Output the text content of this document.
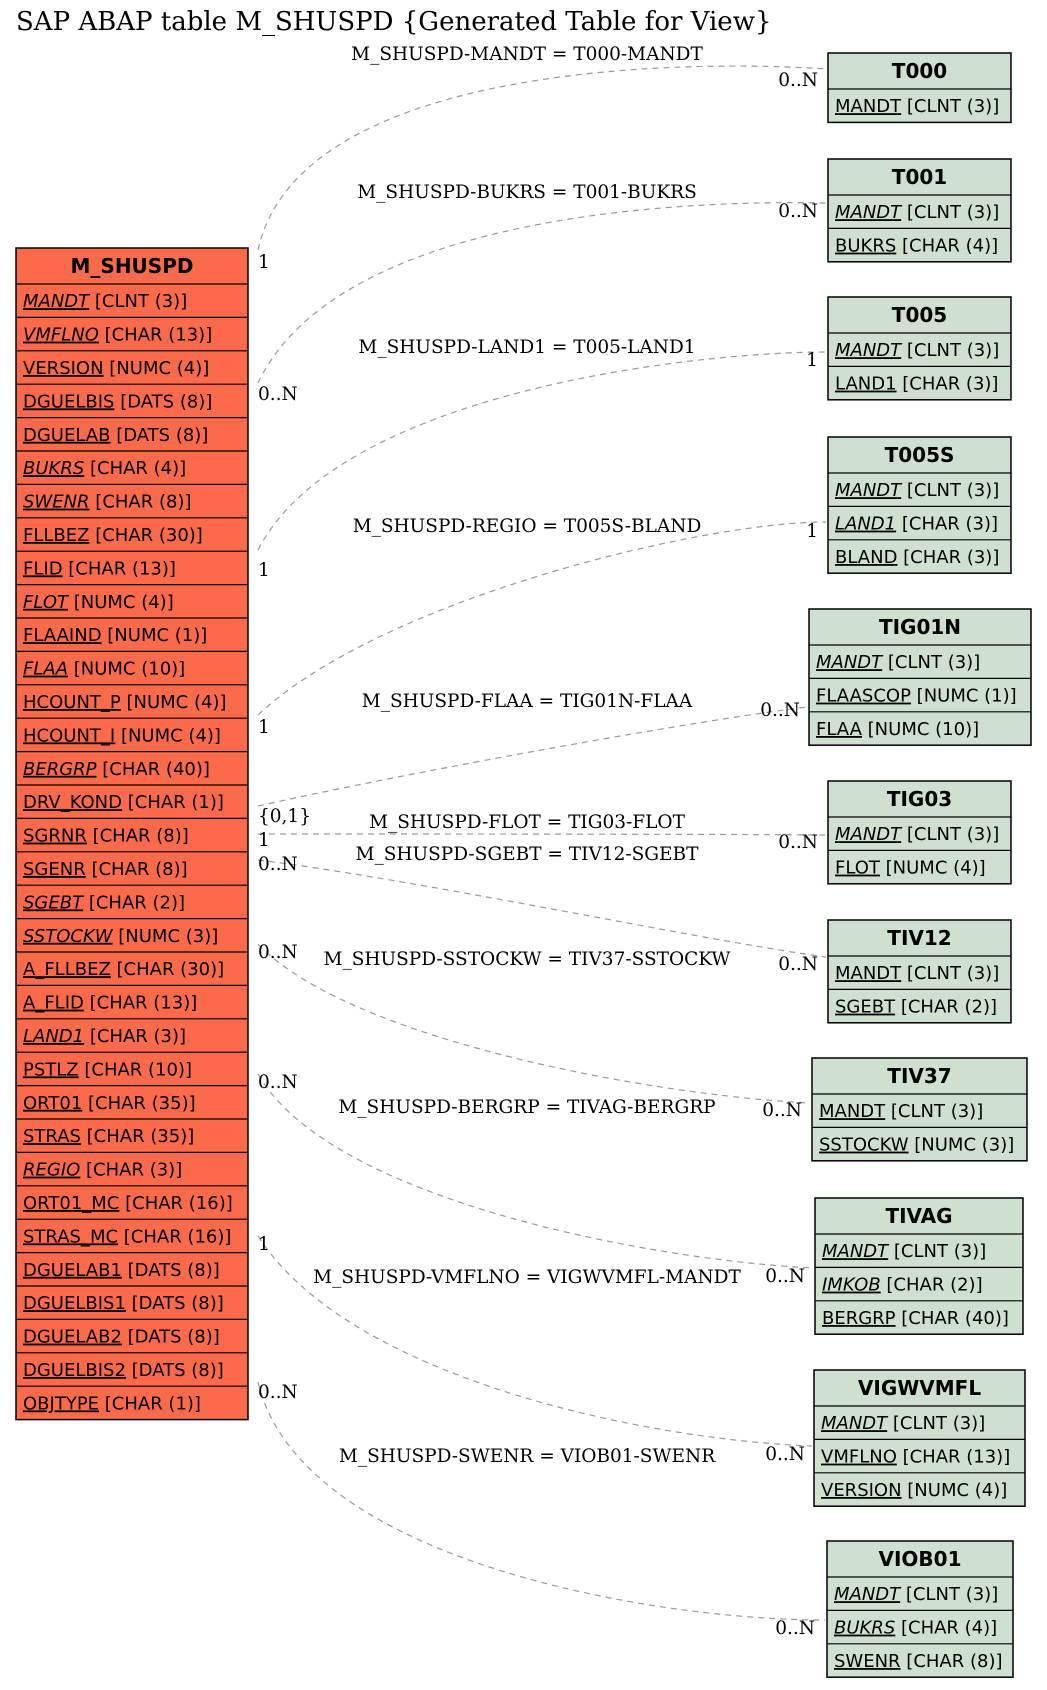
SAP ABAP table M_SHUSPD {Generated Table for View}
M_SHUSPD-MANDT = T000-MANDT
1
0..N
M_SHUSPD-BUKRS = T001-BUKRS
0..N
0..N
M_SHUSPD-LAND1 = T005-LAND1
1
1
M_SHUSPD-REGIO = T005S-BLAND
1
1
M_SHUSPD-FLAA = TIG01N-FLAA
{0,1}
0..N
M_SHUSPD-FLOT = TIG03-FLOT
1	0..N
M_SHUSPD-SGEBT = TIV12-SGEBT
0..N
0..N
M_SHUSPD-SSTOCKW = TIV37-SSTOCKW
0..N
0..N
M_SHUSPD-BERGRP = TIVAG-BERGRP
0..N
0..N
M_SHUSPD-VMFLNO = VIGWVMFL-MANDT
1
0..N
M_SHUSPD-SWENR = VIOB01-SWENR
0..N
0..N
M_SHUSPD
MANDT [CLNT (3)]
VMFLNO [CHAR (13)]
VERSION [NUMC (4)]
DGUELBIS [DATS (8)]
DGUELAB [DATS (8)]
BUKRS [CHAR (4)]
SWENR [CHAR (8)]
FLLBEZ [CHAR (30)]
FLID [CHAR (13)]
FLOT [NUMC (4)]
FLAAIND [NUMC (1)]
FLAA [NUMC (10)]
HCOUNT_P [NUMC (4)]
HCOUNT_I [NUMC (4)]
BERGRP [CHAR (40)]
DRV_KOND [CHAR (1)]
SGRNR [CHAR (8)]
SGENR [CHAR (8)]
SGEBT [CHAR (2)]
SSTOCKW [NUMC (3)]
A_FLLBEZ [CHAR (30)]
A_FLID [CHAR (13)]
LAND1 [CHAR (3)]
PSTLZ [CHAR (10)]
ORT01 [CHAR (35)]
STRAS [CHAR (35)]
REGIO [CHAR (3)]
ORT01_MC [CHAR (16)]
STRAS_MC [CHAR (16)]
DGUELAB1 [DATS (8)]
DGUELBIS1 [DATS (8)]
DGUELAB2 [DATS (8)]
DGUELBIS2 [DATS (8)]
OBJTYPE [CHAR (1)]
T000
MANDT [CLNT (3)]
T001
MANDT [CLNT (3)]
BUKRS [CHAR (4)]
T005
MANDT [CLNT (3)]
LAND1 [CHAR (3)]
T005S
MANDT [CLNT (3)]
LAND1 [CHAR (3)]
BLAND [CHAR (3)]
TIG01N
MANDT [CLNT (3)]
FLAASCOP [NUMC (1)]
FLAA [NUMC (10)]
TIG03
MANDT [CLNT (3)]
FLOT [NUMC (4)]
TIV12
MANDT [CLNT (3)]
SGEBT [CHAR (2)]
TIV37
MANDT [CLNT (3)]
SSTOCKW [NUMC (3)]
TIVAG
MANDT [CLNT (3)]
IMKOB [CHAR (2)]
BERGRP [CHAR (40)]
VIGWVMFL
MANDT [CLNT (3)]
VMFLNO [CHAR (13)]
VERSION [NUMC (4)]
VIOB01
MANDT [CLNT (3)]
BUKRS [CHAR (4)]
SWENR [CHAR (8)]
